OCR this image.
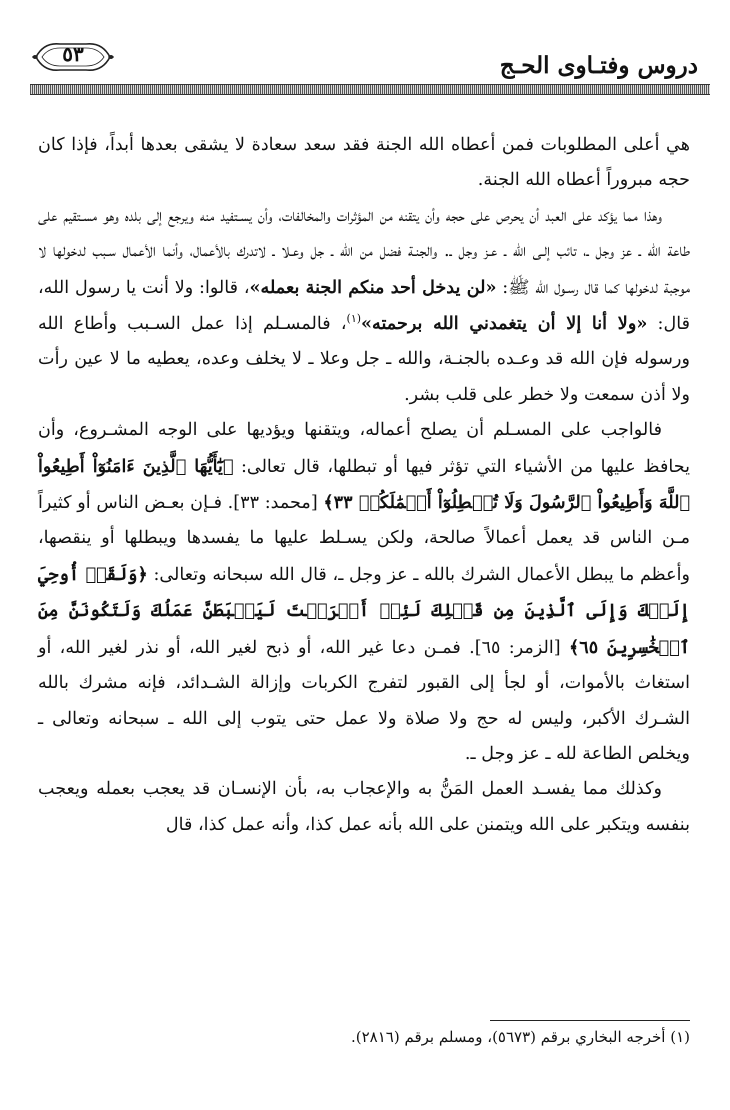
٥٣	دروس وفتـاوى الحـج

هي أعلى المطلوبات فمن أعطاه الله الجنة فقد سعد سعادة لا يشقى بعدها أبداً، فإذا كان حجه مبروراً أعطاه الله الجنة.

وهذا مما يؤكد على العبد أن يحرص على حجه وأن يتقنه من المؤثرات والمخالفات، وأن يسـتفيد منه ويرجع إلى بلده وهو مسـتقيم على طاعة الله ـ عز وجل ـ، تائب إلـى الله ـ عـز وجل ـ. والجنـة فضل من الله ـ جل وعـلا ـ لاتدرك بالأعمال، وأنما الأعمال سـبب لدخولها لا موجبة لدخولها كما قال رسـول الله ﷺ: «لن يدخل أحد منكم الجنة بعمله»، قالوا: ولا أنت يا رسول الله، قال: «ولا أنا إلا أن يتغمدني الله برحمته»$^{(١)}$، فالمسـلم إذا عمل السـبب وأطاع الله ورسوله فإن الله قد وعـده بالجنـة، والله ـ جل وعلا ـ لا يخلف وعده، يعطيه ما لا عين رأت ولا أذن سمعت ولا خطر على قلب بشر.

فالواجب على المسـلم أن يصلح أعماله، ويتقنها ويؤديها على الوجه المشـروع، وأن يحافظ عليها من الأشياء التي تؤثر فيها أو تبطلها، قال تعالى: ﴿يَٰٓأَيُّهَا ٱلَّذِينَ ءَامَنُوٓاْ أَطِيعُواْ ٱللَّهَ وَأَطِيعُواْ ٱلرَّسُولَ وَلَا تُبۡطِلُوٓاْ أَعۡمَٰلَكُمۡ ٣٣﴾ [محمد: ٣٣]. فـإن بعـض الناس أو كثيراً مـن الناس قد يعمل أعمالاً صالحة، ولكن يسـلط عليها ما يفسدها ويبطلها أو ينقصها، وأعظم ما يبطل الأعمال الشرك بالله ـ عز وجل ـ، قال الله سبحانه وتعالى: ﴿وَلَقَدۡ أُوحِيَ إِلَيۡكَ وَإِلَى ٱلَّذِينَ مِن قَبۡلِكَ لَئِنۡ أَشۡرَكۡتَ لَيَحۡبَطَنَّ عَمَلُكَ وَلَتَكُونَنَّ مِنَ ٱلۡخَٰسِرِينَ ٦٥﴾ [الزمر: ٦٥]. فمـن دعا غير الله، أو ذبح لغير الله، أو نذر لغير الله، أو استغاث بالأموات، أو لجأ إلى القبور لتفرج الكربات وإزالة الشـدائد، فإنه مشرك بالله الشـرك الأكبر، وليس له حج ولا صلاة ولا عمل حتى يتوب إلى الله ـ سبحانه وتعالى ـ ويخلص الطاعة لله ـ عز وجل ـ.

وكذلك مما يفسـد العمل المَنُّ به والإعجاب به، بأن الإنسـان قد يعجب بعمله ويعجب بنفسه ويتكبر على الله ويتمنن على الله بأنه عمل كذا، وأنه عمل كذا، قال

(١) أخرجه البخاري برقم (٥٦٧٣)، ومسلم برقم (٢٨١٦).
